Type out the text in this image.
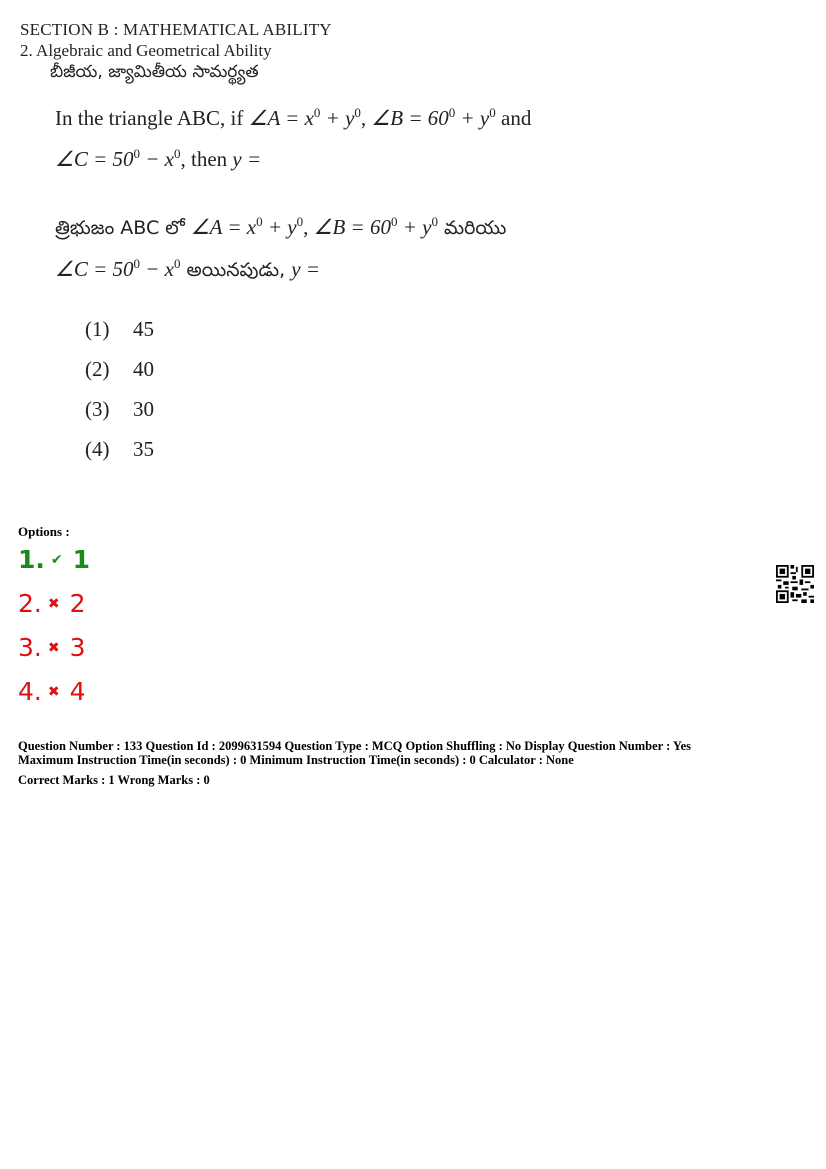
SECTION B : MATHEMATICAL ABILITY
2. Algebraic and Geometrical Ability
బీజీయ, జ్యామితీయ సామర్థ్యత
In the triangle ABC, if ∠A = $x^0 + y^0$, ∠B = $60^0 + y^0$ and
∠C = $50^0 - x^0$, then y =
త్రిభుజం ABC లో ∠A = $x^0 + y^0$, ∠B = $60^0 + y^0$ మరియు
∠C = $50^0 - x^0$ అయినపుడు, y =
(1) 45
(2) 40
(3) 30
(4) 35
Options :
1. ✔ 1
2. ✖ 2
3. ✖ 3
4. ✖ 4
Question Number : 133 Question Id : 2099631594 Question Type : MCQ Option Shuffling : No Display Question Number : Yes
Maximum Instruction Time(in seconds) : 0 Minimum Instruction Time(in seconds) : 0 Calculator : None
Correct Marks : 1 Wrong Marks : 0
